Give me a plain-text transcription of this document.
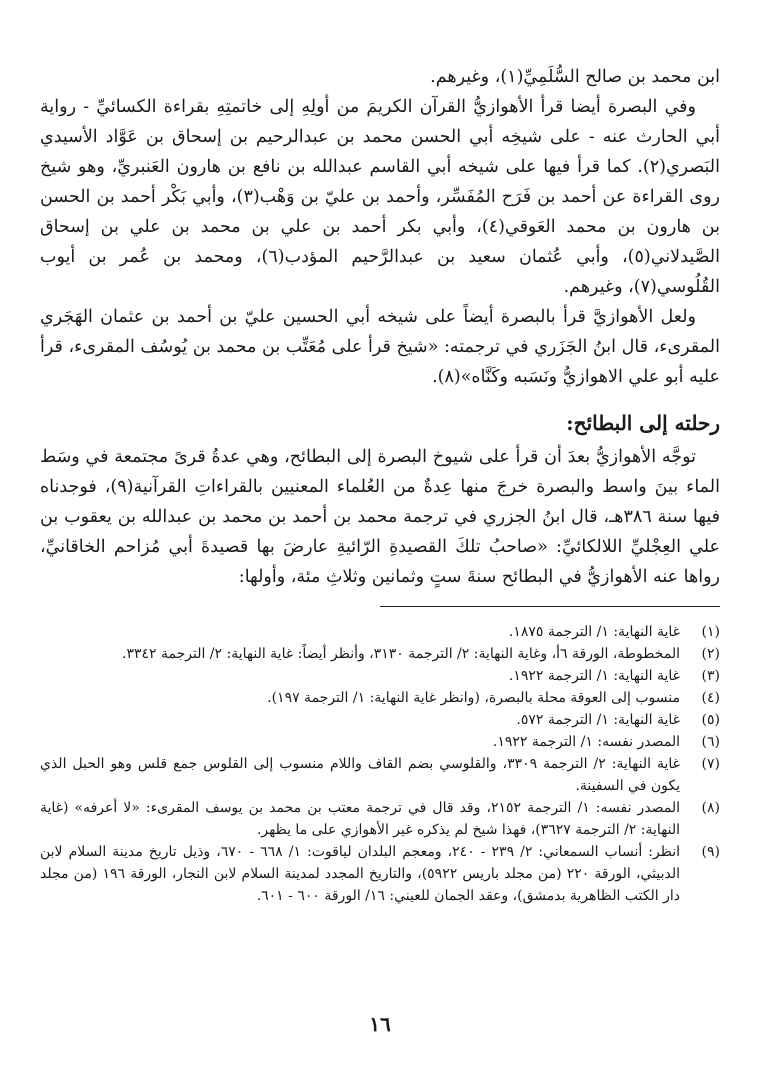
ابن محمد بن صالح السُّلَمِيِّ(١)، وغيرهم.

وفي البصرة أيضا قرأ الأهوازيُّ القرآن الكريمَ من أولِهِ إلى خاتمتِهِ بقراءة الكسائيِّ - رواية أبي الحارث عنه - على شيخِه أبي الحسن محمد بن عبدالرحيم بن إسحاق بن عَوَّاد الأسيدي البَصري(٢). كما قرأ فيها على شيخه أبي القاسم عبدالله بن نافع بن هارون العَنبريِّ، وهو شيخ روى القراءة عن أحمد بن فَرَح المُفَسِّر، وأحمد بن عليّ بن وَهْب(٣)، وأبي بَكْر أحمد بن الحسن بن هارون بن محمد العَوقي(٤)، وأبي بكر أحمد بن علي بن محمد بن علي بن إسحاق الصَّيدلاني(٥)، وأبي عُثمان سعيد بن عبدالرَّحيم المؤدب(٦)، ومحمد بن عُمر بن أيوب القُلُوسي(٧)، وغيرهم.

ولعل الأهوازيَّ قرأ بالبصرة أيضاً على شيخه أبي الحسين عليّ بن أحمد بن عثمان الهَجَري المقرىء، قال ابنُ الجَزَري في ترجمته: «شيخ قرأ على مُعَتِّب بن محمد بن يُوسُف المقرىء، قرأ عليه أبو علي الاهوازيُّ ونَسَبه وكَنَّاه»(٨).

رحلته إلى البطائح:

توجَّه الأهوازيُّ بعدَ أن قرأ على شيوخ البصرة إلى البطائح، وهي عدةُ قرىً مجتمعة في وسَط الماء بينَ واسط والبصرة خرجَ منها عِدةٌ من العُلماء المعنيين بالقراءاتِ القرآنية(٩)، فوجدناه فيها سنة ٣٨٦هـ، قال ابنُ الجزري في ترجمة محمد بن أحمد بن محمد بن عبدالله بن يعقوب بن علي العِجْليِّ اللالكائيِّ: «صاحبُ تلكَ القصيدةِ الرّائيةِ عارضَ بها قصيدةَ أبي مُزاحم الخاقانيِّ، رواها عنه الأهوازيُّ في البطائح سنةَ ستٍ وثمانين وثلاثِ مئة، وأولها:

(١)
غاية النهاية: ١/ الترجمة ١٨٧٥.
(٢)
المخطوطة، الورقة ٦أ، وغاية النهاية: ٢/ الترجمة ٣١٣٠، وأنظر أيضاً: غاية النهاية: ٢/ الترجمة ٣٣٤٢.
(٣)
غاية النهاية: ١/ الترجمة ١٩٢٢.
(٤)
منسوب إلى العوقة محلة بالبصرة، (وانظر غاية النهاية: ١/ الترجمة ١٩٧).
(٥)
غاية النهاية: ١/ الترجمة ٥٧٢.
(٦)
المصدر نفسه: ١/ الترجمة ١٩٢٢.
(٧)
غاية النهاية: ٢/ الترجمة ٣٣٠٩، والقلوسي بضم القاف واللام منسوب إلى القلوس جمع قلس وهو الحبل الذي يكون في السفينة.
(٨)
المصدر نفسه: ١/ الترجمة ٢١٥٢، وقد قال في ترجمة معتب بن محمد بن يوسف المقرىء: «لا أعرفه» (غاية النهاية: ٢/ الترجمة ٣٦٢٧)، فهذا شيخ لم يذكره غير الأهوازي على ما يظهر.
(٩)
انظر: أنساب السمعاني: ٢/ ٢٣٩ - ٢٤٠، ومعجم البلدان لياقوت: ١/ ٦٦٨ - ٦٧٠، وذيل تاريخ مدينة السلام لابن الدبيثي، الورقة ٢٢٠ (من مجلد باريس ٥٩٢٢)، والتاريخ المجدد لمدينة السلام لابن النجار، الورقة ١٩٦ (من مجلد دار الكتب الظاهرية بدمشق)، وعقد الجمان للعيني: ١٦/ الورقة ٦٠٠ - ٦٠١.
١٦
